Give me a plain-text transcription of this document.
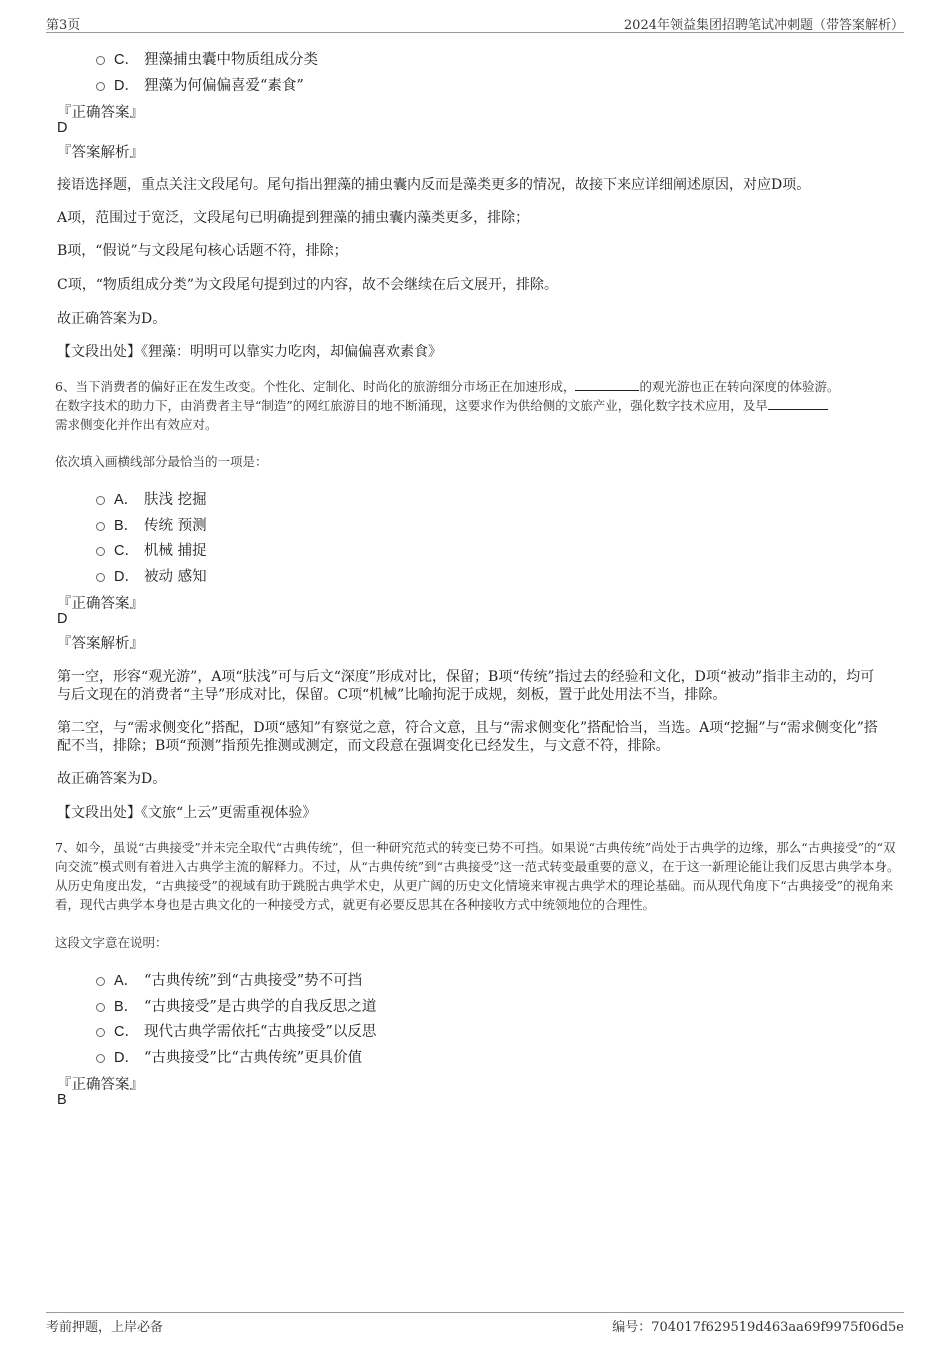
第3页	2024年领益集团招聘笔试冲刺题（带答案解析）
C． 狸藻捕虫囊中物质组成分类
D． 狸藻为何偏偏喜爱“素食”
『正确答案』
D
『答案解析』
接语选择题，重点关注文段尾句。尾句指出狸藻的捕虫囊内反而是藻类更多的情况，故接下来应详细阐述原因，对应D项。
A项，范围过于宽泛，文段尾句已明确提到狸藻的捕虫囊内藻类更多，排除；
B项，“假说”与文段尾句核心话题不符，排除；
C项，“物质组成分类”为文段尾句提到过的内容，故不会继续在后文展开，排除。
故正确答案为D。
【文段出处】《狸藻：明明可以靠实力吃肉，却偏偏喜欢素食》
6、当下消费者的偏好正在发生改变。个性化、定制化、时尚化的旅游细分市场正在加速形成，	的观光游也正在转向深度的体验游。
在数字技术的助力下，由消费者主导“制造”的网红旅游目的地不断涌现，这要求作为供给侧的文旅产业，强化数字技术应用，及早
需求侧变化并作出有效应对。
依次填入画横线部分最恰当的一项是：
A． 肤浅 挖掘
B． 传统 预测
C． 机械 捕捉
D． 被动 感知
『正确答案』
D
『答案解析』
第一空，形容“观光游”，A项“肤浅”可与后文“深度”形成对比，保留；B项“传统”指过去的经验和文化，D项“被动”指非主动的，均可与后文现在的消费者“主导”形成对比，保留。C项“机械”比喻拘泥于成规，刻板，置于此处用法不当，排除。
第二空，与“需求侧变化”搭配，D项“感知”有察觉之意，符合文意，且与“需求侧变化”搭配恰当，当选。A项“挖掘”与“需求侧变化”搭配不当，排除；B项“预测”指预先推测或测定，而文段意在强调变化已经发生，与文意不符，排除。
故正确答案为D。
【文段出处】《文旅“上云”更需重视体验》
7、如今，虽说“古典接受”并未完全取代“古典传统”，但一种研究范式的转变已势不可挡。如果说“古典传统”尚处于古典学的边缘，那么“古典接受”的“双向交流”模式则有着进入古典学主流的解释力。不过，从“古典传统”到“古典接受”这一范式转变最重要的意义，在于这一新理论能让我们反思古典学本身。从历史角度出发，“古典接受”的视域有助于跳脱古典学术史，从更广阔的历史文化情境来审视古典学术的理论基础。而从现代角度下“古典接受”的视角来看，现代古典学本身也是古典文化的一种接受方式，就更有必要反思其在各种接收方式中统领地位的合理性。
这段文字意在说明：
A． “古典传统”到“古典接受”势不可挡
B． “古典接受”是古典学的自我反思之道
C． 现代古典学需依托“古典接受”以反思
D． “古典接受”比“古典传统”更具价值
『正确答案』
B
考前押题，上岸必备	编号：704017f629519d463aa69f9975f06d5e
